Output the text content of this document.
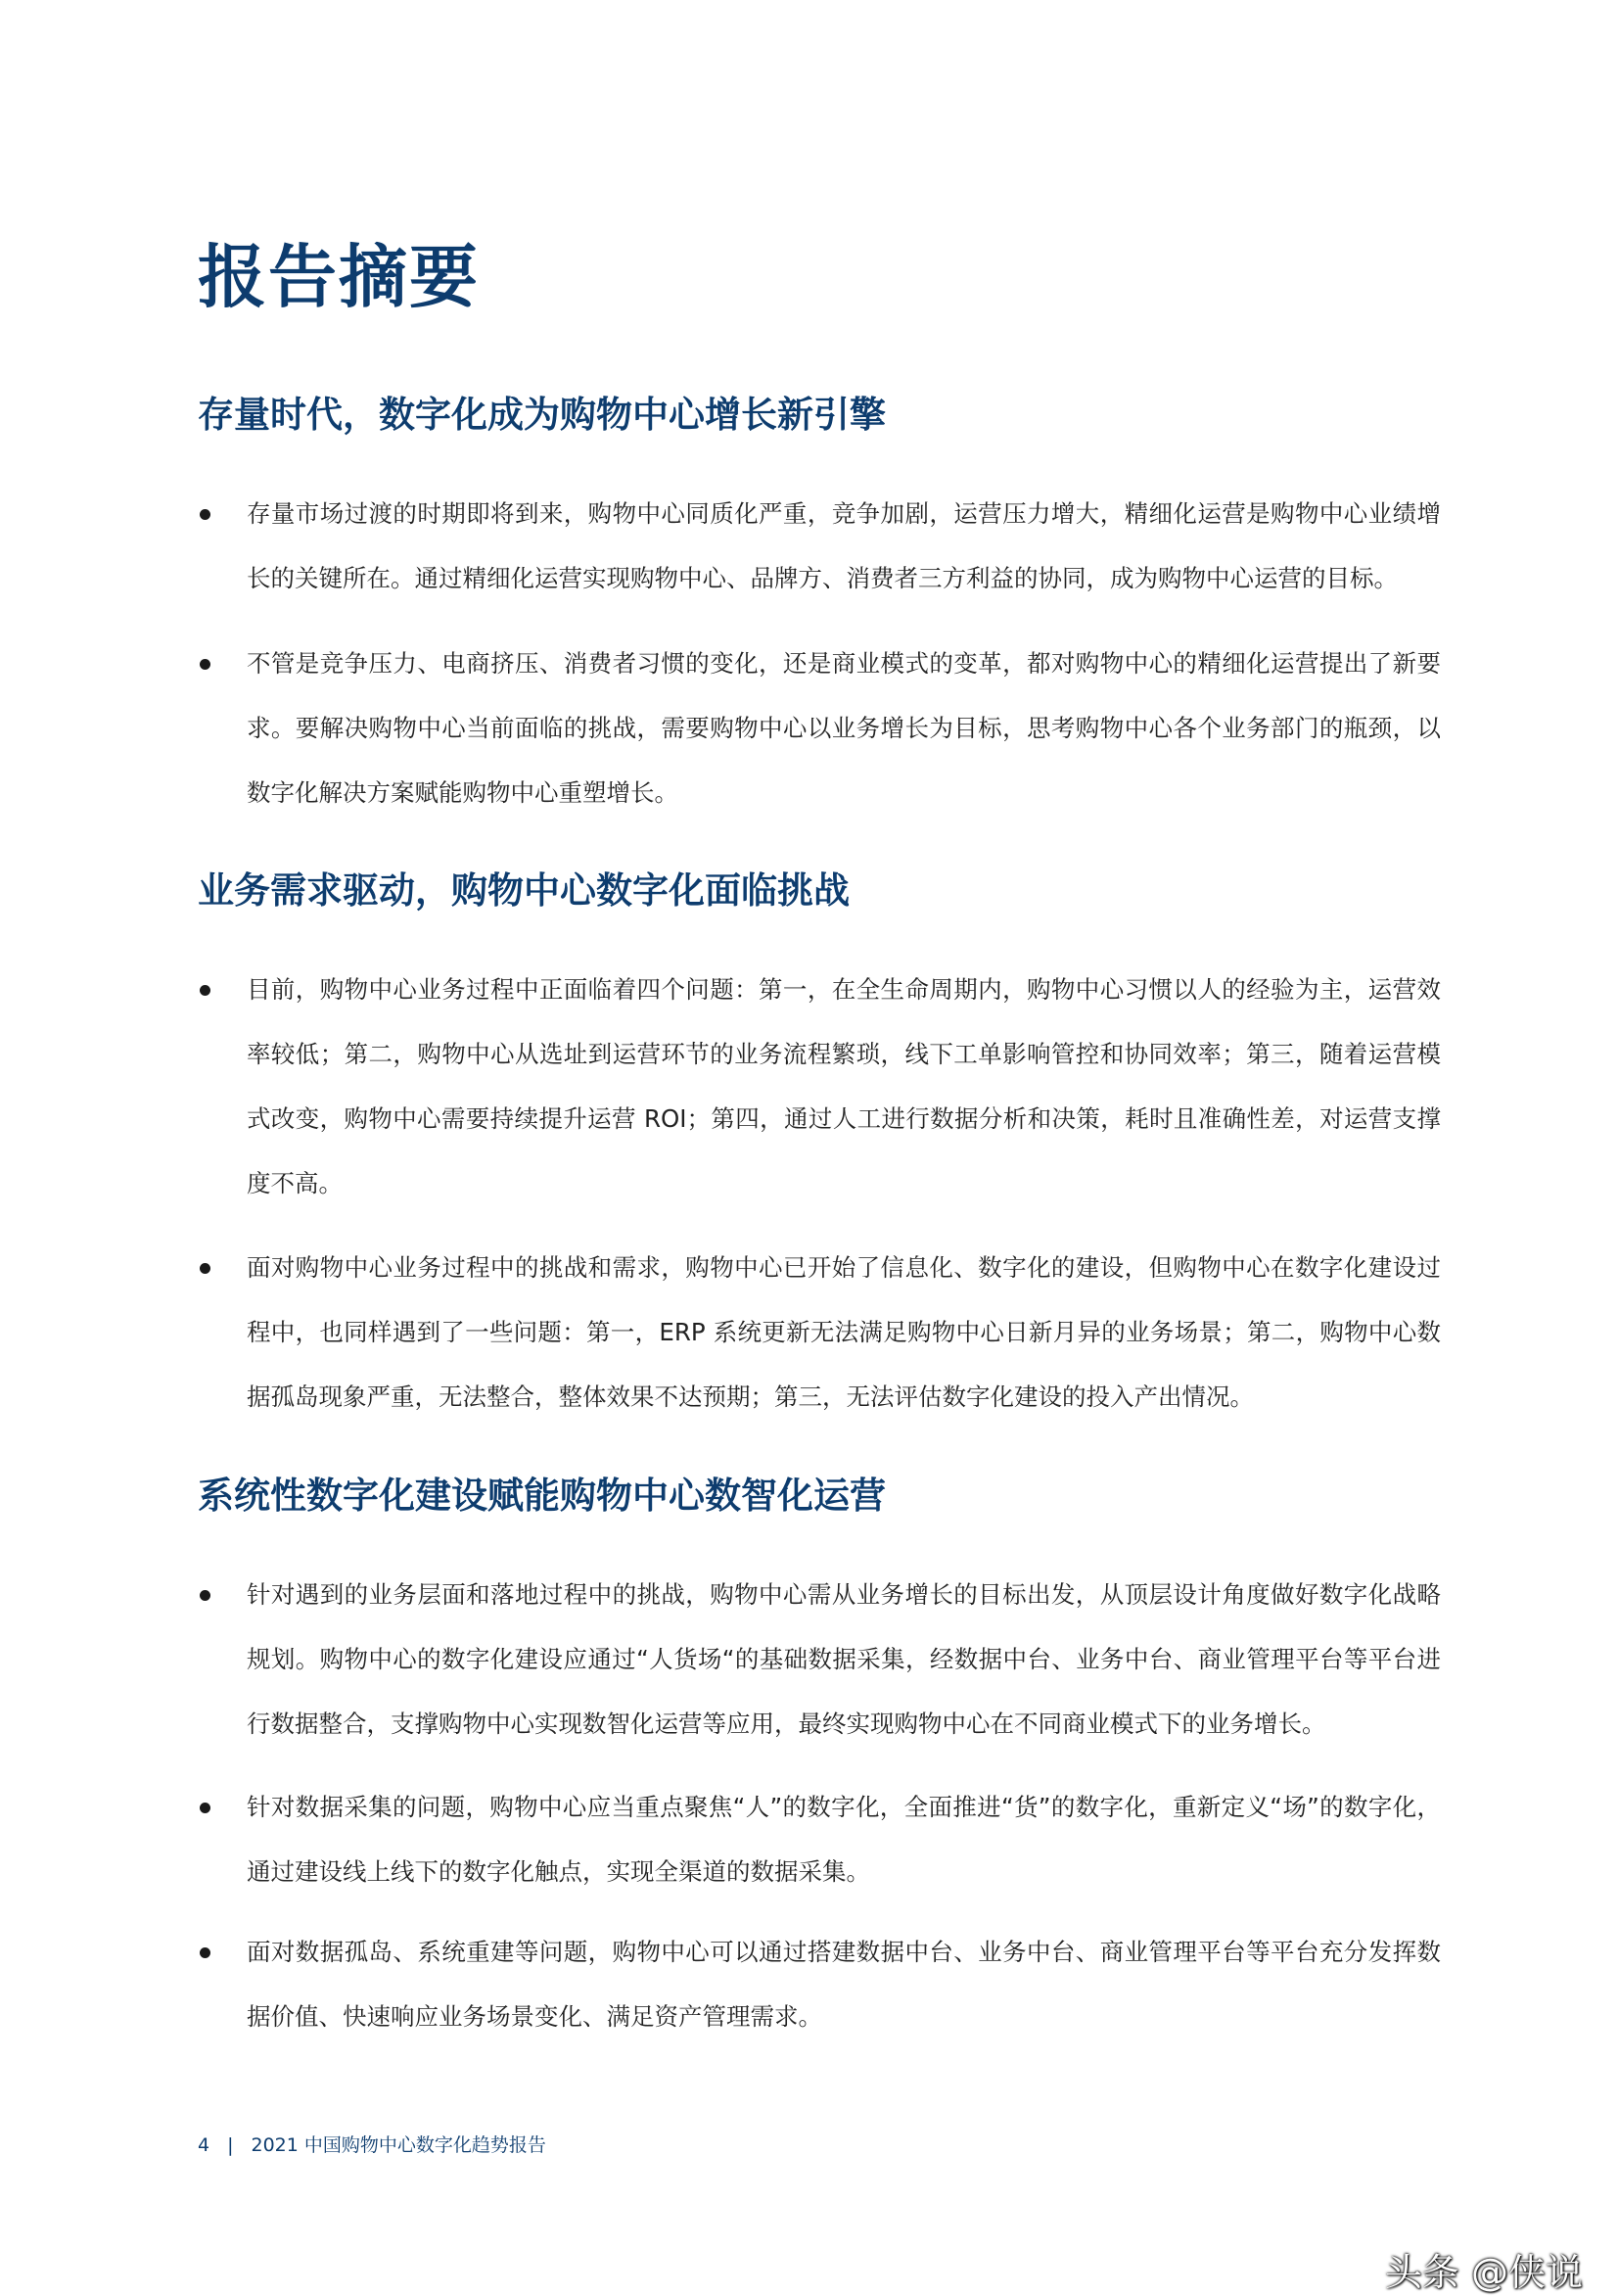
报告摘要
存量时代，数字化成为购物中心增长新引擎

存量市场过渡的时期即将到来，购物中心同质化严重，竞争加剧，运营压力增大，精细化运营是购物中心业绩增长的关键所在。通过精细化运营实现购物中心、品牌方、消费者三方利益的协同，成为购物中心运营的目标。

不管是竞争压力、电商挤压、消费者习惯的变化，还是商业模式的变革，都对购物中心的精细化运营提出了新要求。要解决购物中心当前面临的挑战，需要购物中心以业务增长为目标，思考购物中心各个业务部门的瓶颈，以数字化解决方案赋能购物中心重塑增长。

业务需求驱动，购物中心数字化面临挑战

目前，购物中心业务过程中正面临着四个问题：第一，在全生命周期内，购物中心习惯以人的经验为主，运营效率较低；第二，购物中心从选址到运营环节的业务流程繁琐，线下工单影响管控和协同效率；第三，随着运营模式改变，购物中心需要持续提升运营 ROI；第四，通过人工进行数据分析和决策，耗时且准确性差，对运营支撑度不高。

面对购物中心业务过程中的挑战和需求，购物中心已开始了信息化、数字化的建设，但购物中心在数字化建设过程中，也同样遇到了一些问题：第一，ERP 系统更新无法满足购物中心日新月异的业务场景；第二，购物中心数据孤岛现象严重，无法整合，整体效果不达预期；第三，无法评估数字化建设的投入产出情况。

系统性数字化建设赋能购物中心数智化运营

针对遇到的业务层面和落地过程中的挑战，购物中心需从业务增长的目标出发，从顶层设计角度做好数字化战略规划。购物中心的数字化建设应通过“人货场“的基础数据采集，经数据中台、业务中台、商业管理平台等平台进行数据整合，支撑购物中心实现数智化运营等应用，最终实现购物中心在不同商业模式下的业务增长。

针对数据采集的问题，购物中心应当重点聚焦“人”的数字化，全面推进“货”的数字化，重新定义“场”的数字化，通过建设线上线下的数字化触点，实现全渠道的数据采集。

面对数据孤岛、系统重建等问题，购物中心可以通过搭建数据中台、业务中台、商业管理平台等平台充分发挥数据价值、快速响应业务场景变化、满足资产管理需求。

4 | 2021 中国购物中心数字化趋势报告
头条 @侠说
